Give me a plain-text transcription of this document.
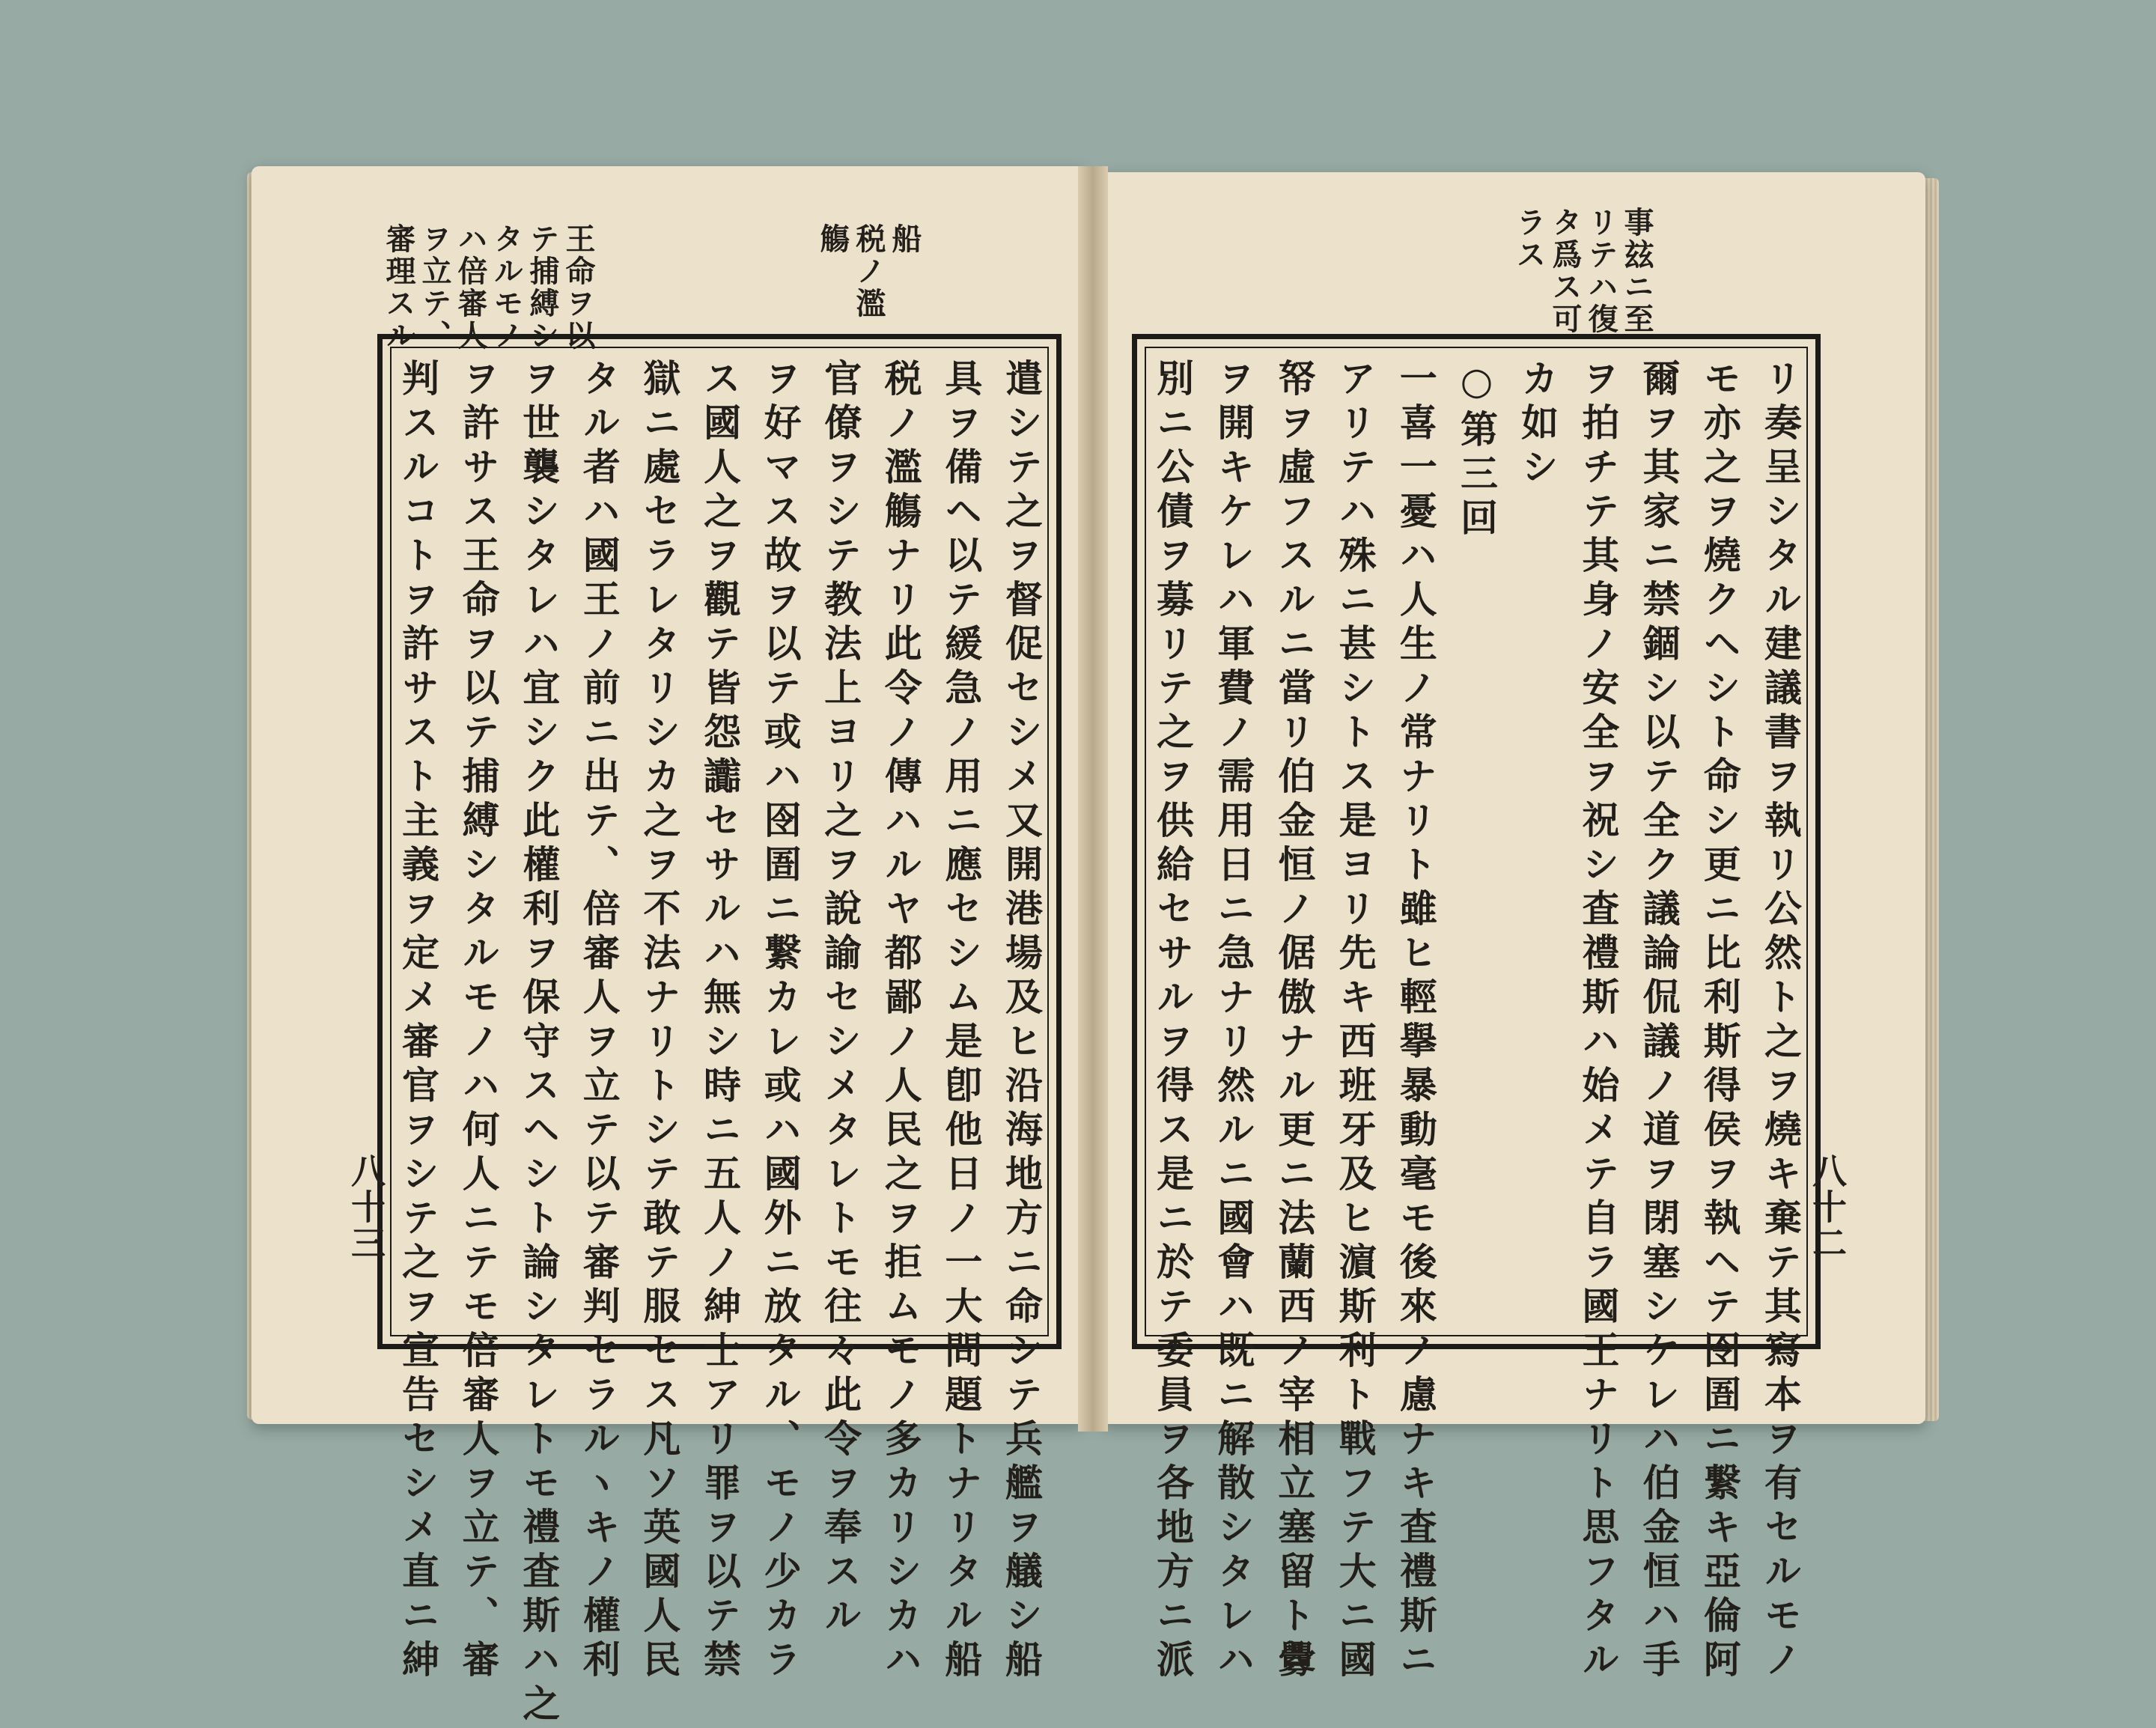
王命ヲ以
テ捕縛シ
タルモノ
ハ倍審人
ヲ立テ、
審理スル	船
税ノ濫
觴	事玆ニ至
リテハ復
タ爲ス可
ラス
遣シテ之ヲ督促セシメ又開港場及ヒ沿海地方ニ命シテ兵艦ヲ艤シ船
具ヲ備ヘ以テ緩急ノ用ニ應セシム是卽他日ノ一大問題トナリタル船
税ノ濫觴ナリ此令ノ傳ハルヤ都鄙ノ人民之ヲ拒ムモノ多カリシカハ
官僚ヲシテ教法上ヨリ之ヲ說諭セシメタレトモ往々此令ヲ奉スル
ヲ好マス故ヲ以テ或ハ囹圄ニ繋カレ或ハ國外ニ放タル、モノ少カラ
ス國人之ヲ觀テ皆怨讟セサルハ無シ時ニ五人ノ紳士アリ罪ヲ以テ禁
獄ニ處セラレタリシカ之ヲ不法ナリトシテ敢テ服セス凡ソ英國人民
タル者ハ國王ノ前ニ出テ、倍審人ヲ立テ以テ審判セラルヽキノ權利
ヲ世襲シタレハ宜シク此權利ヲ保守スヘシト論シタレトモ禮査斯ハ之
ヲ許サス王命ヲ以テ捕縛シタルモノハ何人ニテモ倍審人ヲ立テ、審
判スルコトヲ許サスト主義ヲ定メ審官ヲシテ之ヲ宣告セシメ直ニ紳	リ奏呈シタル建議書ヲ執リ公然ト之ヲ燒キ棄テ其寫本ヲ有セルモノ
モ亦之ヲ燒クヘシト命シ更ニ比利斯得侯ヲ執ヘテ囹圄ニ繋キ亞倫阿
爾ヲ其家ニ禁錮シ以テ全ク議論侃議ノ道ヲ閉塞シケレハ伯金恒ハ手
ヲ拍チテ其身ノ安全ヲ祝シ査禮斯ハ始メテ自ラ國王ナリト思フタル
カ如シ
○第三回
一喜一憂ハ人生ノ常ナリト雖ヒ輕擧暴動毫モ後來ノ慮ナキ査禮斯ニ
アリテハ殊ニ甚シトス是ヨリ先キ西班牙及ヒ濵斯利ト戰フテ大ニ國
帑ヲ虛フスルニ當リ伯金恒ノ倨傲ナル更ニ法蘭西ノ宰相立塞留ト釁
ヲ開キケレハ軍費ノ需用日ニ急ナリ然ルニ國會ハ既ニ解散シタレハ
別ニ公債ヲ募リテ之ヲ供給セサルヲ得ス是ニ於テ委員ヲ各地方ニ派
八十三	八十二
